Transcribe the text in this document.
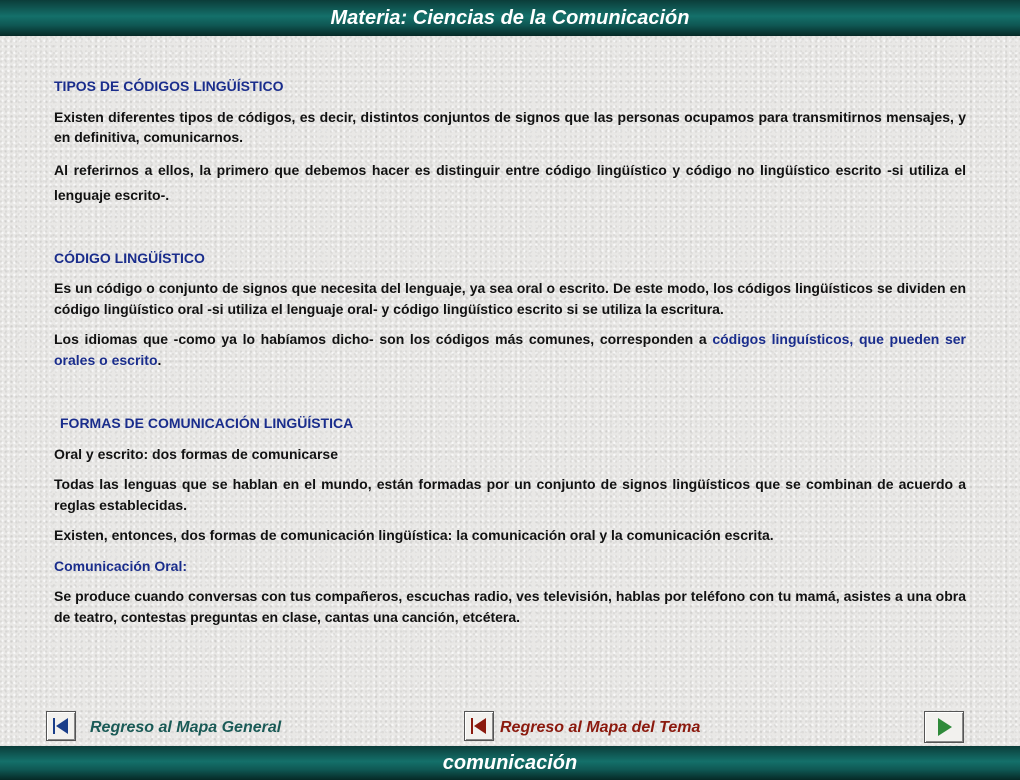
Materia: Ciencias de la Comunicación
TIPOS DE CÓDIGOS LINGÜÍSTICO

Existen diferentes tipos de códigos, es decir, distintos conjuntos de signos que las personas ocupamos para transmitirnos mensajes, y en definitiva, comunicarnos.

Al referirnos a ellos, la primero que debemos hacer es distinguir entre código lingüístico y código no lingüístico escrito -si utiliza el lenguaje escrito-.

CÓDIGO LINGÜÍSTICO

Es un código o conjunto de signos que necesita del lenguaje, ya sea oral o escrito. De este modo, los códigos lingüísticos se dividen en código lingüístico oral -si utiliza el lenguaje oral- y código lingüístico escrito si se utiliza la escritura.

Los idiomas que -como ya lo habíamos dicho- son los códigos más comunes, corresponden a códigos linguísticos, que pueden ser orales o escrito.

FORMAS DE COMUNICACIÓN LINGÜÍSTICA

Oral y escrito: dos formas de comunicarse

Todas las lenguas que se hablan en el mundo, están formadas por un conjunto de signos lingüísticos que se combinan de acuerdo a reglas establecidas.

Existen, entonces, dos formas de comunicación lingüística: la comunicación oral y la comunicación escrita.

Comunicación Oral:

Se produce cuando conversas con tus compañeros, escuchas radio, ves televisión, hablas por teléfono con tu mamá, asistes a una obra de teatro, contestas preguntas en clase, cantas una canción, etcétera.

Regreso al Mapa General	Regreso al Mapa del Tema
comunicación
